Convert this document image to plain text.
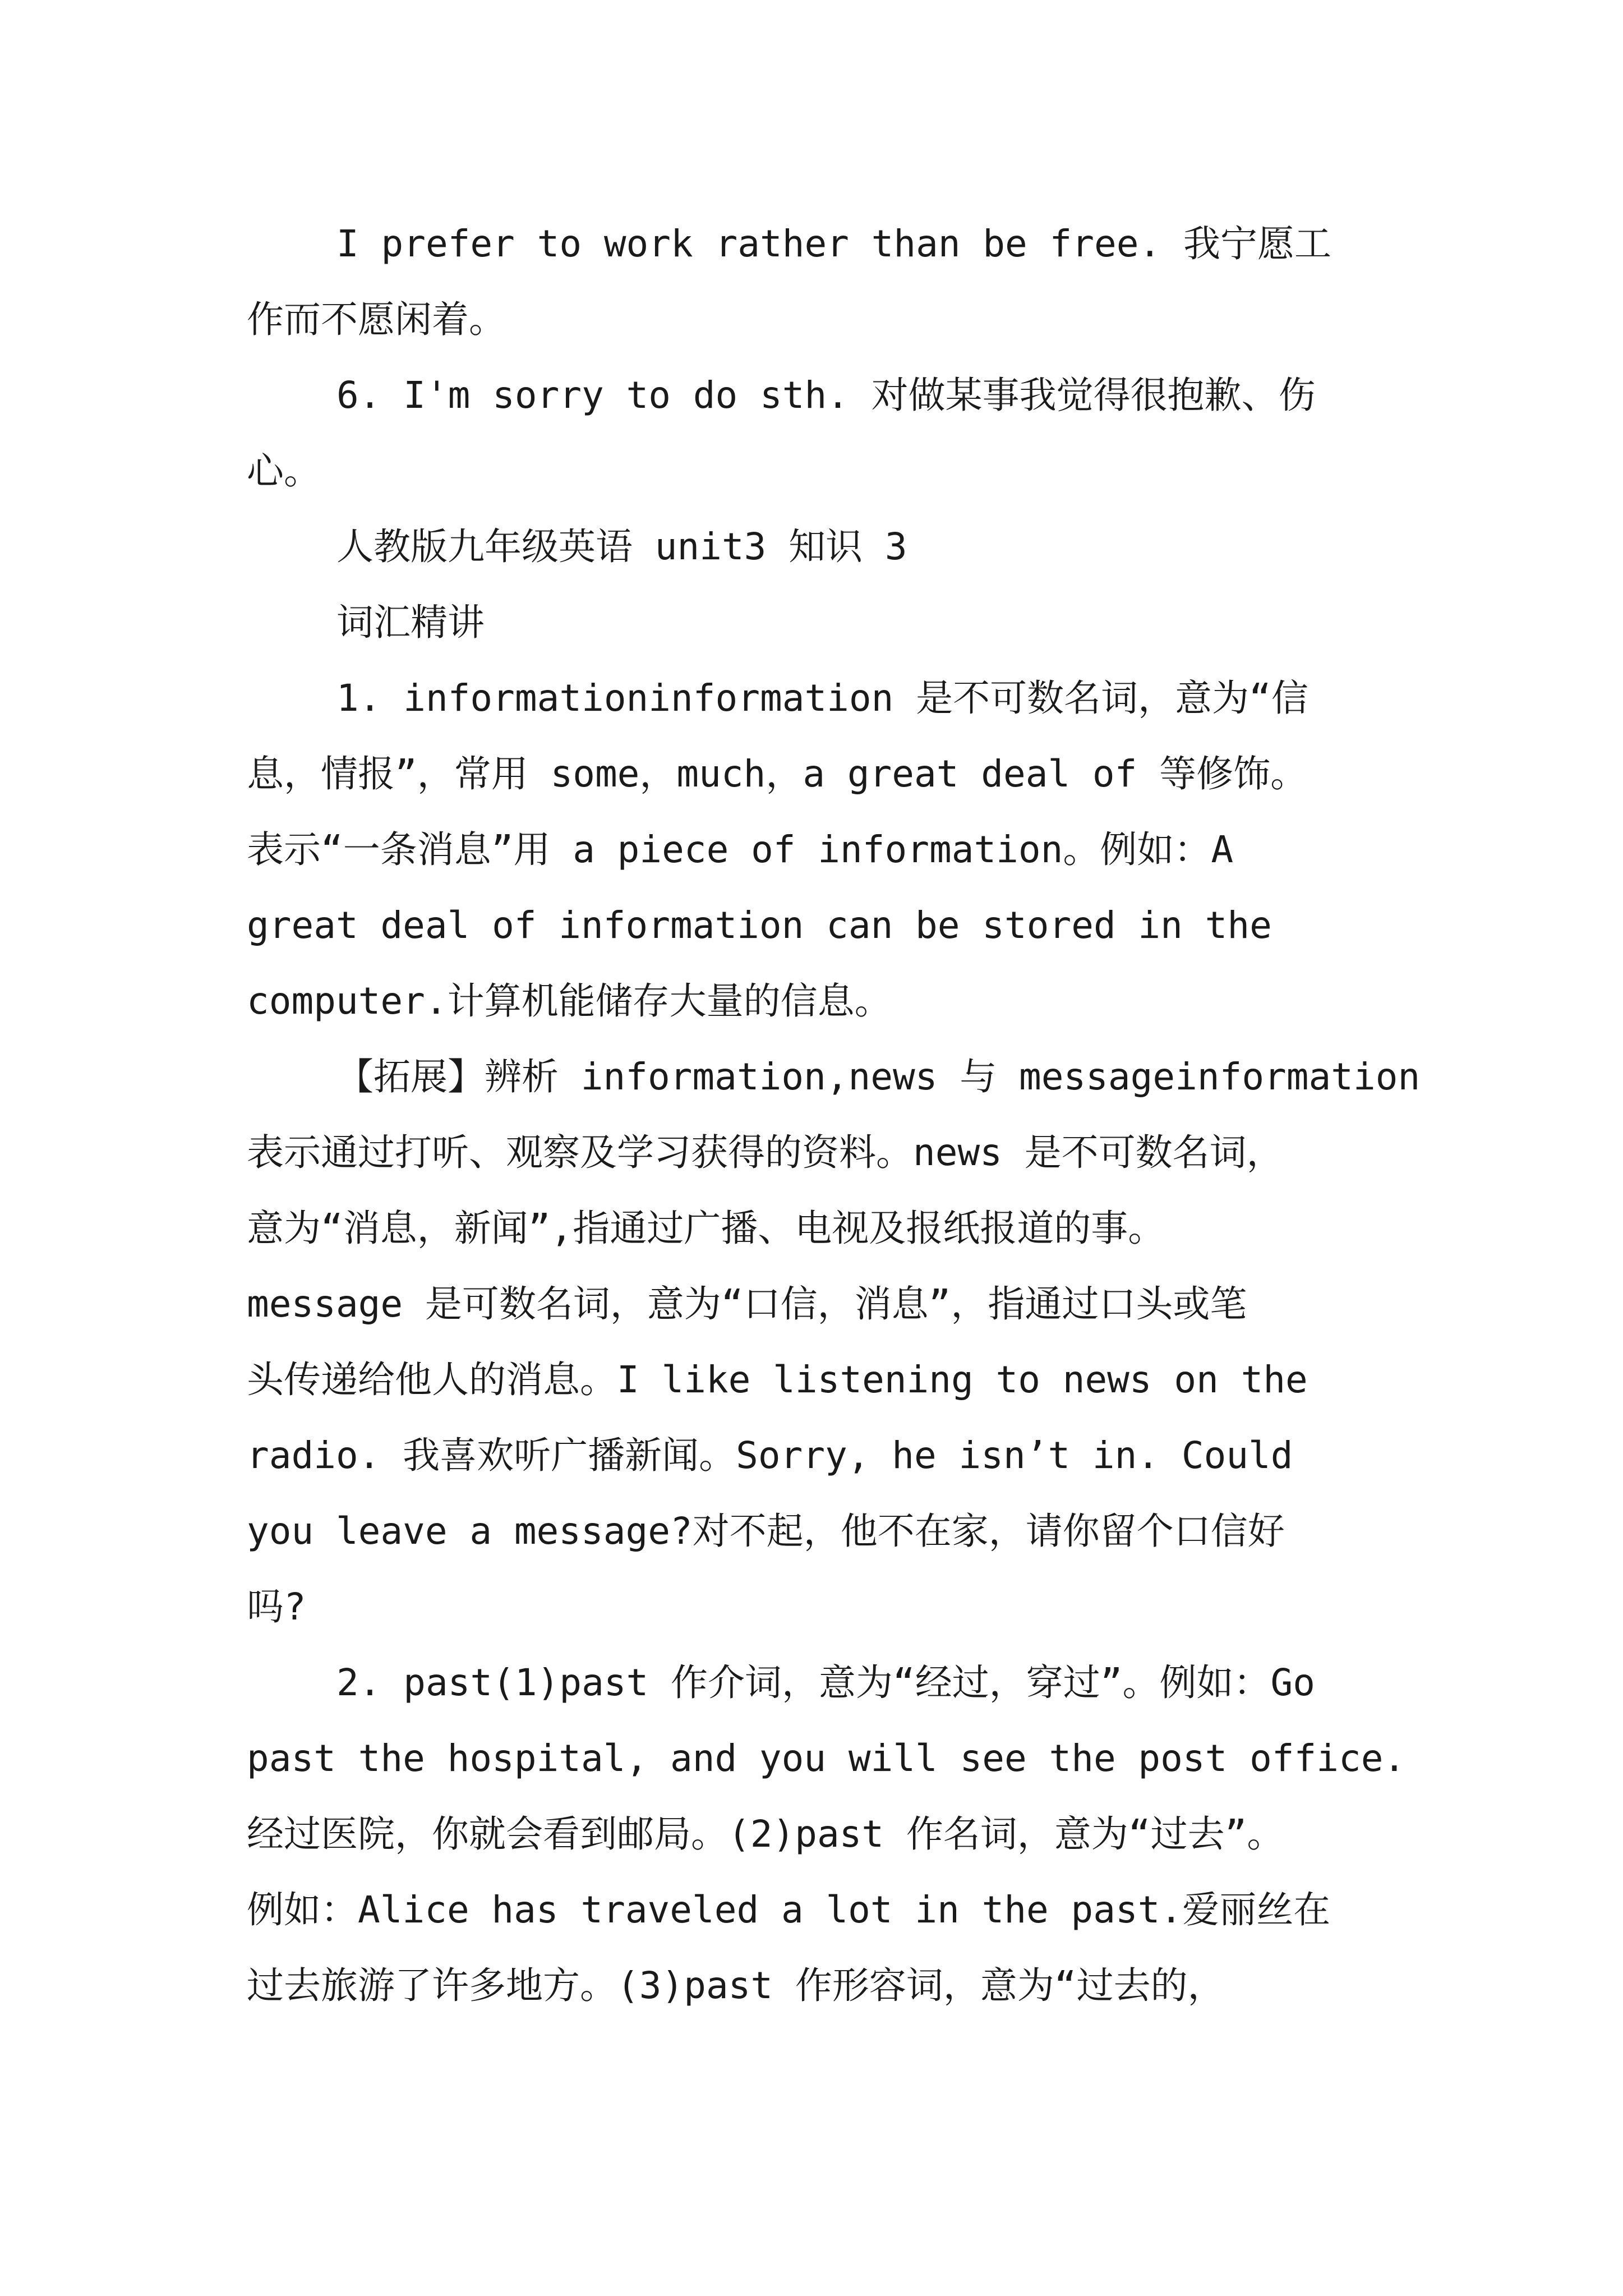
I prefer to work rather than be free. 我宁愿工
作而不愿闲着。
6. I'm sorry to do sth. 对做某事我觉得很抱歉、伤
心。
人教版九年级英语 unit3 知识 3
词汇精讲
1. informationinformation 是不可数名词，意为“信
息，情报”，常用 some，much，a great deal of 等修饰。
表示“一条消息”用 a piece of information。例如：A
great deal of information can be stored in the
computer.计算机能储存大量的信息。
【拓展】辨析 information,news 与 messageinformation
表示通过打听、观察及学习获得的资料。news 是不可数名词，
意为“消息，新闻”,指通过广播、电视及报纸报道的事。
message 是可数名词，意为“口信，消息”，指通过口头或笔
头传递给他人的消息。I like listening to news on the
radio. 我喜欢听广播新闻。Sorry, he isn’t in. Could
you leave a message?对不起，他不在家，请你留个口信好
吗?
2. past(1)past 作介词，意为“经过，穿过”。例如：Go
past the hospital, and you will see the post office.
经过医院，你就会看到邮局。(2)past 作名词，意为“过去”。
例如：Alice has traveled a lot in the past.爱丽丝在
过去旅游了许多地方。(3)past 作形容词，意为“过去的，
